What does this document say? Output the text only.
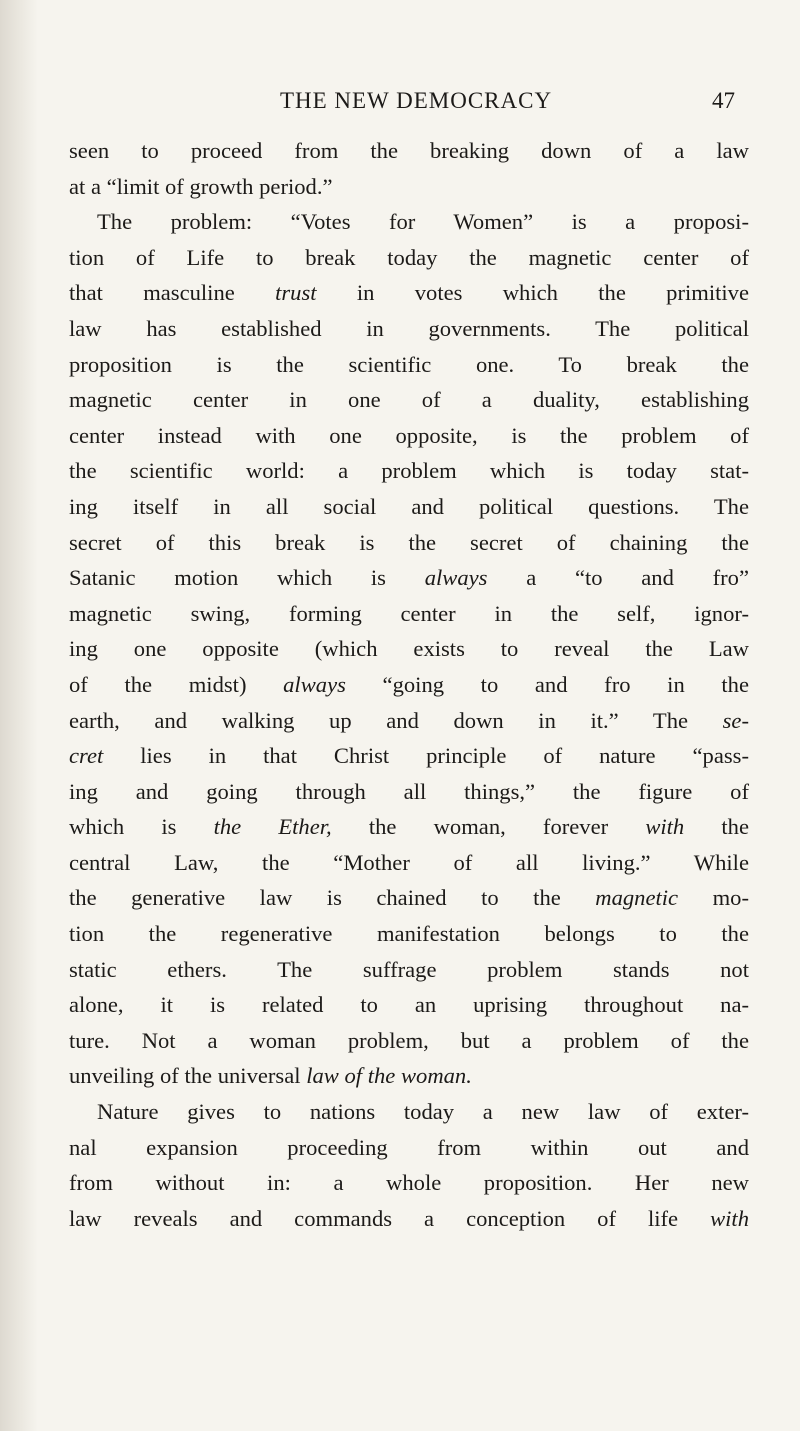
THE NEW DEMOCRACY	47
seen to proceed from the breaking down of a law
at a “limit of growth period.”
The problem: “Votes for Women” is a proposi-
tion of Life to break today the magnetic center of
that masculine trust in votes which the primitive
law has established in governments. The political
proposition is the scientific one. To break the
magnetic center in one of a duality, establishing
center instead with one opposite, is the problem of
the scientific world: a problem which is today stat-
ing itself in all social and political questions. The
secret of this break is the secret of chaining the
Satanic motion which is always a “to and fro”
magnetic swing, forming center in the self, ignor-
ing one opposite (which exists to reveal the Law
of the midst) always “going to and fro in the
earth, and walking up and down in it.” The se-
cret lies in that Christ principle of nature “pass-
ing and going through all things,” the figure of
which is the Ether, the woman, forever with the
central Law, the “Mother of all living.” While
the generative law is chained to the magnetic mo-
tion the regenerative manifestation belongs to the
static ethers. The suffrage problem stands not
alone, it is related to an uprising throughout na-
ture. Not a woman problem, but a problem of the
unveiling of the universal law of the woman.
Nature gives to nations today a new law of exter-
nal expansion proceeding from within out and
from without in: a whole proposition. Her new
law reveals and commands a conception of life with
